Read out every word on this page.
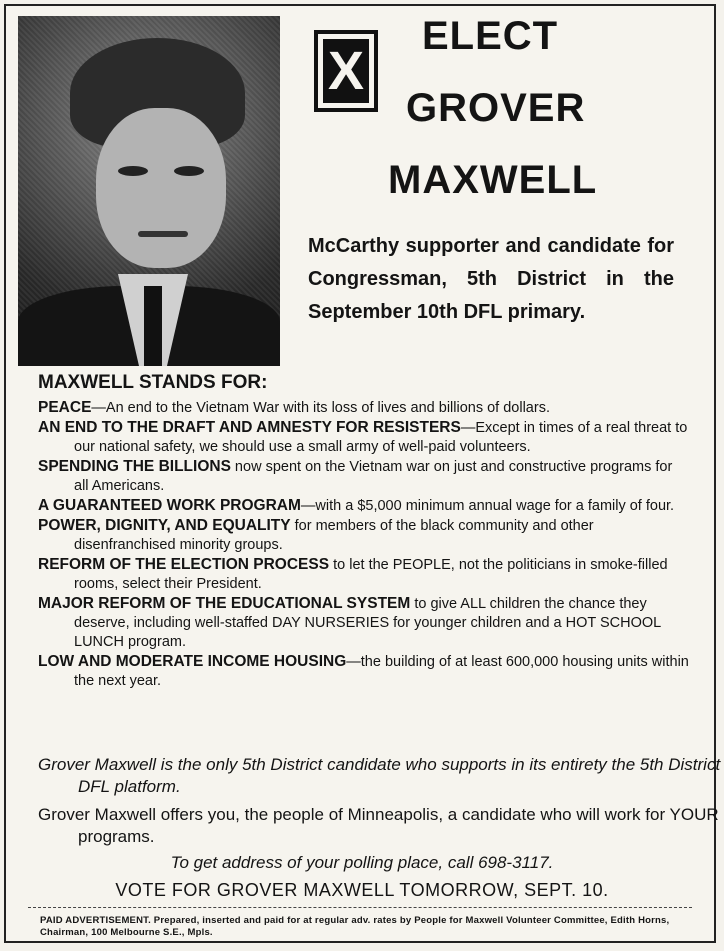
X
ELECT
GROVER
MAXWELL
McCarthy supporter and candidate for Congressman, 5th District in the September 10th DFL primary.
MAXWELL STANDS FOR:

PEACE—An end to the Vietnam War with its loss of lives and billions of dollars.

AN END TO THE DRAFT AND AMNESTY FOR RESISTERS—Except in times of a real threat to our national safety, we should use a small army of well-paid volunteers.

SPENDING THE BILLIONS now spent on the Vietnam war on just and constructive programs for all Americans.

A GUARANTEED WORK PROGRAM—with a $5,000 minimum annual wage for a family of four.

POWER, DIGNITY, AND EQUALITY for members of the black community and other disenfranchised minority groups.

REFORM OF THE ELECTION PROCESS to let the PEOPLE, not the politicians in smoke-filled rooms, select their President.

MAJOR REFORM OF THE EDUCATIONAL SYSTEM to give ALL children the chance they deserve, including well-staffed DAY NURSERIES for younger children and a HOT SCHOOL LUNCH program.

LOW AND MODERATE INCOME HOUSING—the building of at least 600,000 housing units within the next year.

Grover Maxwell is the only 5th District candidate who supports in its entirety the 5th District DFL platform.
Grover Maxwell offers you, the people of Minneapolis, a candidate who will work for YOUR programs.
To get address of your polling place, call 698-3117.
VOTE FOR GROVER MAXWELL TOMORROW, SEPT. 10.
PAID ADVERTISEMENT. Prepared, inserted and paid for at regular adv. rates by People for Maxwell Volunteer Committee, Edith Horns, Chairman, 100 Melbourne S.E., Mpls.
